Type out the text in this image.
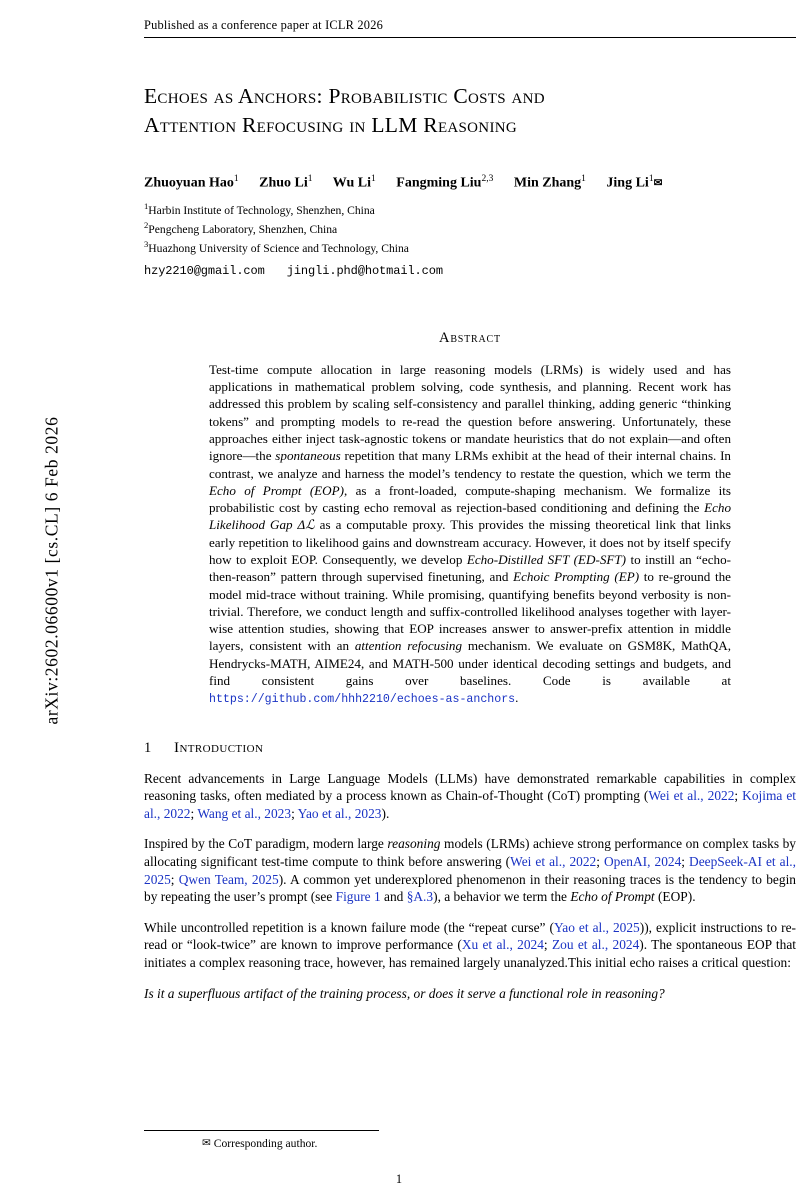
arXiv:2602.06600v1 [cs.CL] 6 Feb 2026
Published as a conference paper at ICLR 2026
Echoes as Anchors: Probabilistic Costs and
Attention Refocusing in LLM Reasoning
Zhuoyuan Hao$^1$ Zhuo Li$^1$ Wu Li$^1$ Fangming Liu$^{2,3}$ Min Zhang$^1$ Jing Li$^1$✉
$^1$Harbin Institute of Technology, Shenzhen, China
$^2$Pengcheng Laboratory, Shenzhen, China
$^3$Huazhong University of Science and Technology, China
hzy2210@gmail.com jingli.phd@hotmail.com
Abstract
Test-time compute allocation in large reasoning models (LRMs) is widely used and has applications in mathematical problem solving, code synthesis, and planning. Recent work has addressed this problem by scaling self-consistency and parallel thinking, adding generic “thinking tokens” and prompting models to re-read the question before answering. Unfortunately, these approaches either inject task-agnostic tokens or mandate heuristics that do not explain—and often ignore—the spontaneous repetition that many LRMs exhibit at the head of their internal chains. In contrast, we analyze and harness the model’s tendency to restate the question, which we term the Echo of Prompt (EOP), as a front-loaded, compute-shaping mechanism. We formalize its probabilistic cost by casting echo removal as rejection-based conditioning and defining the Echo Likelihood Gap Δℒ as a computable proxy. This provides the missing theoretical link that links early repetition to likelihood gains and downstream accuracy. However, it does not by itself specify how to exploit EOP. Consequently, we develop Echo-Distilled SFT (ED-SFT) to instill an “echo-then-reason” pattern through supervised finetuning, and Echoic Prompting (EP) to re-ground the model mid-trace without training. While promising, quantifying benefits beyond verbosity is non-trivial. Therefore, we conduct length and suffix-controlled likelihood analyses together with layer-wise attention studies, showing that EOP increases answer to answer-prefix attention in middle layers, consistent with an attention refocusing mechanism. We evaluate on GSM8K, MathQA, Hendrycks-MATH, AIME24, and MATH-500 under identical decoding settings and budgets, and find consistent gains over baselines. Code is available at https://github.com/hhh2210/echoes-as-anchors.
1 Introduction
Recent advancements in Large Language Models (LLMs) have demonstrated remarkable capabilities in complex reasoning tasks, often mediated by a process known as Chain-of-Thought (CoT) prompting (Wei et al., 2022; Kojima et al., 2022; Wang et al., 2023; Yao et al., 2023).
Inspired by the CoT paradigm, modern large reasoning models (LRMs) achieve strong performance on complex tasks by allocating significant test-time compute to think before answering (Wei et al., 2022; OpenAI, 2024; DeepSeek-AI et al., 2025; Qwen Team, 2025). A common yet underexplored phenomenon in their reasoning traces is the tendency to begin by repeating the user’s prompt (see Figure 1 and §A.3), a behavior we term the Echo of Prompt (EOP).
While uncontrolled repetition is a known failure mode (the “repeat curse” (Yao et al., 2025)), explicit instructions to re-read or “look-twice” are known to improve performance (Xu et al., 2024; Zou et al., 2024). The spontaneous EOP that initiates a complex reasoning trace, however, has remained largely unanalyzed.This initial echo raises a critical question:
Is it a superfluous artifact of the training process, or does it serve a functional role in reasoning?
✉ Corresponding author.
1
